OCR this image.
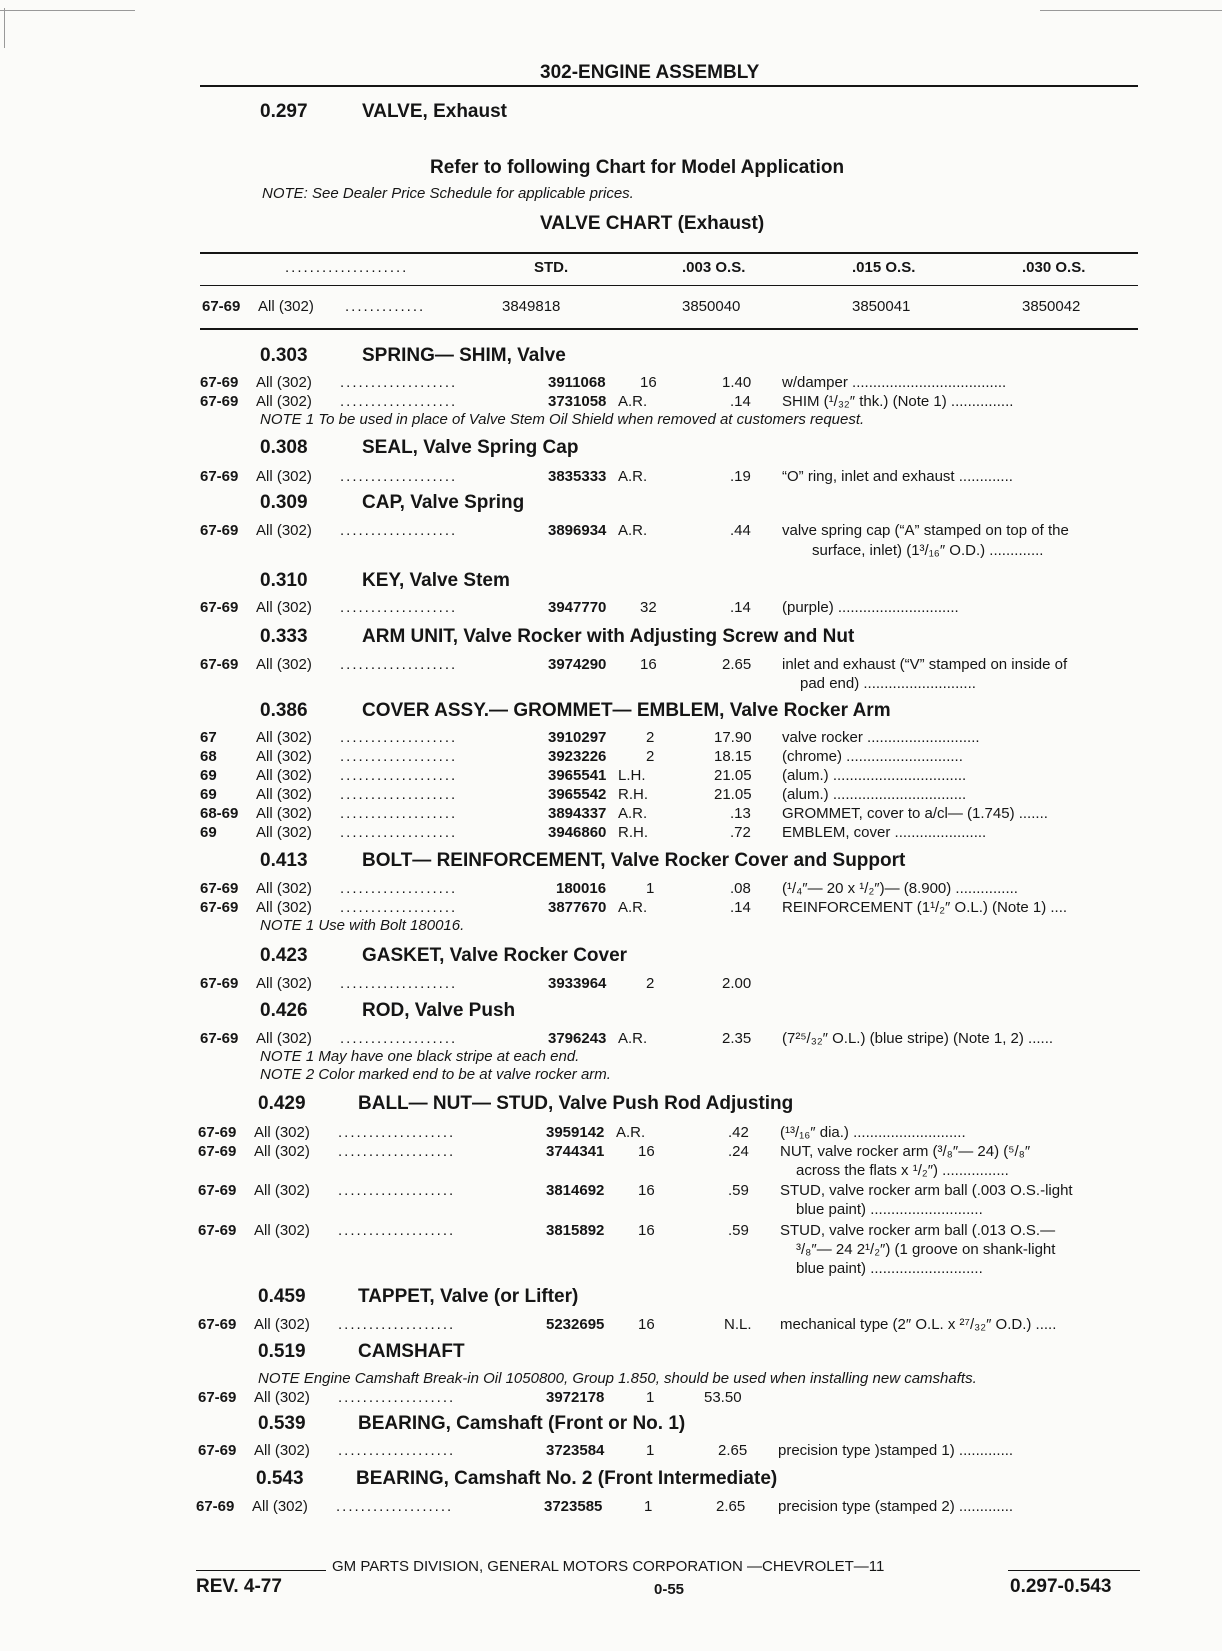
302-ENGINE ASSEMBLY
0.297	VALVE, Exhaust
Refer to following Chart for Model Application
NOTE: See Dealer Price Schedule for applicable prices.
VALVE CHART (Exhaust)
....................	STD.	.003 O.S.	.015 O.S.	.030 O.S.
67-69 All (302) .............	3849818	3850040	3850041	3850042
0.303	SPRING— SHIM, Valve
67-69 All (302) ...................	3911068 16	1.40 w/damper .....................................
67-69 All (302) ...................	3731058 A.R.	.14 SHIM (¹/₃₂″ thk.) (Note 1) ...............
NOTE 1 To be used in place of Valve Stem Oil Shield when removed at customers request.
0.308	SEAL, Valve Spring Cap
67-69 All (302) ...................	3835333 A.R.	.19 “O” ring, inlet and exhaust .............
0.309	CAP, Valve Spring
67-69 All (302) ...................	3896934 A.R.	.44 valve spring cap (“A” stamped on top of the
surface, inlet) (1³/₁₆″ O.D.) .............
0.310	KEY, Valve Stem
67-69 All (302) ...................	3947770 32	.14 (purple) .............................
0.333	ARM UNIT, Valve Rocker with Adjusting Screw and Nut
67-69 All (302) ...................	3974290 16	2.65 inlet and exhaust (“V” stamped on inside of
pad end) ...........................
0.386	COVER ASSY.— GROMMET— EMBLEM, Valve Rocker Arm
67	All (302) ...................	3910297	2	17.90 valve rocker ...........................
68	All (302) ...................	3923226	2	18.15 (chrome) ............................
69	All (302) ...................	3965541 L.H.	21.05 (alum.) ................................
69	All (302) ...................	3965542 R.H.	21.05 (alum.) ................................
68-69 All (302) ...................	3894337 A.R.	.13 GROMMET, cover to a/cl— (1.745) .......
69	All (302) ...................	3946860 R.H.	.72 EMBLEM, cover ......................
0.413	BOLT— REINFORCEMENT, Valve Rocker Cover and Support
67-69 All (302) ...................	180016	1	.08 (¹/₄″— 20 x ¹/₂″)— (8.900) ...............
67-69 All (302) ...................	3877670 A.R.	.14 REINFORCEMENT (1¹/₂″ O.L.) (Note 1) ....
NOTE 1 Use with Bolt 180016.
0.423	GASKET, Valve Rocker Cover
67-69 All (302) ...................	3933964	2	2.00
0.426	ROD, Valve Push
67-69 All (302) ...................	3796243 A.R.	2.35 (7²⁵/₃₂″ O.L.) (blue stripe) (Note 1, 2) ......
NOTE 1 May have one black stripe at each end.
NOTE 2 Color marked end to be at valve rocker arm.
0.429	BALL— NUT— STUD, Valve Push Rod Adjusting
67-69 All (302) ...................	3959142 A.R.	.42 (¹³/₁₆″ dia.) ...........................
67-69 All (302) ...................	3744341 16	.24 NUT, valve rocker arm (³/₈″— 24) (⁵/₈″
across the flats x ¹/₂″) ................
67-69 All (302) ...................	3814692 16	.59 STUD, valve rocker arm ball (.003 O.S.-light
blue paint) ...........................
67-69 All (302) ...................	3815892 16	.59 STUD, valve rocker arm ball (.013 O.S.—
³/₈″— 24 2¹/₂″) (1 groove on shank-light
blue paint) ...........................
0.459	TAPPET, Valve (or Lifter)
67-69 All (302) ...................	5232695 16	N.L. mechanical type (2″ O.L. x ²⁷/₃₂″ O.D.) .....
0.519	CAMSHAFT
NOTE Engine Camshaft Break-in Oil 1050800, Group 1.850, should be used when installing new camshafts.
67-69 All (302) ...................	3972178	1	53.50
0.539	BEARING, Camshaft (Front or No. 1)
67-69 All (302) ...................	3723584	1	2.65 precision type )stamped 1) .............
0.543	BEARING, Camshaft No. 2 (Front Intermediate)
67-69 All (302) ...................	3723585	1	2.65 precision type (stamped 2) .............
GM PARTS DIVISION, GENERAL MOTORS CORPORATION —CHEVROLET—11
REV. 4-77	0-55	0.297-0.543
